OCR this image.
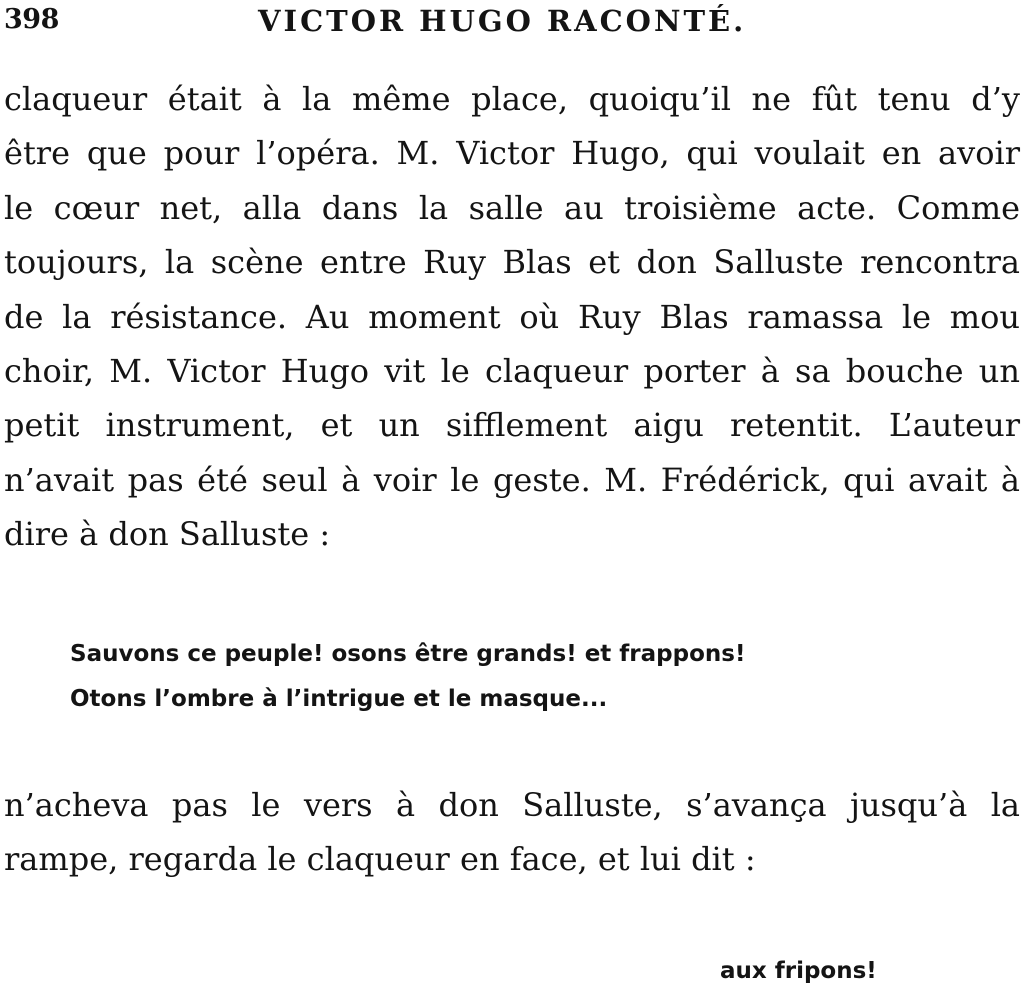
398	VICTOR HUGO RACONTÉ.

claqueur était à la même place, quoiqu’il ne fût tenu d’y
être que pour l’opéra. M. Victor Hugo, qui voulait en avoir
le cœur net, alla dans la salle au troisième acte. Comme
toujours, la scène entre Ruy Blas et don Salluste rencontra
de la résistance. Au moment où Ruy Blas ramassa le mou
choir, M. Victor Hugo vit le claqueur porter à sa bouche un
petit instrument, et un sifflement aigu retentit. L’auteur
n’avait pas été seul à voir le geste. M. Frédérick, qui avait à
dire à don Salluste :

Sauvons ce peuple! osons être grands! et frappons!
Otons l’ombre à l’intrigue et le masque...

n’acheva pas le vers à don Salluste, s’avança jusqu’à la
rampe, regarda le claqueur en face, et lui dit :

aux fripons!
